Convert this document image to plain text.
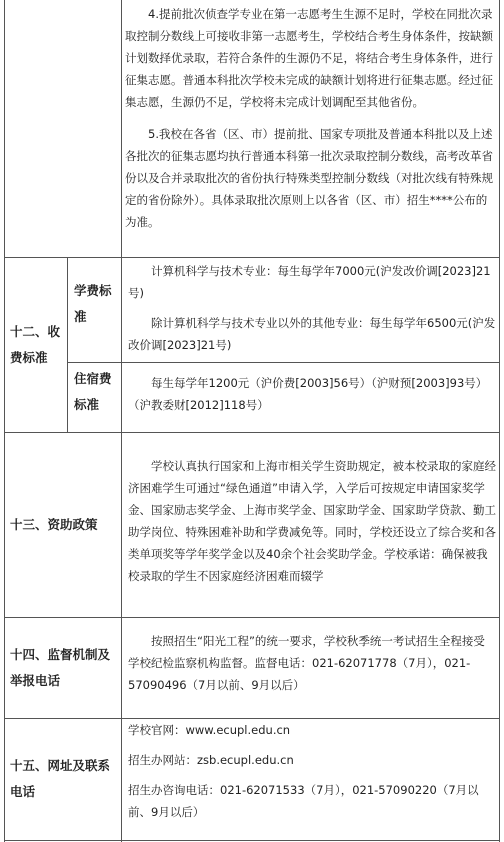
4.提前批次侦查学专业在第一志愿考生生源不足时，学校在同批次录取控制分数线上可接收非第一志愿考生，学校结合考生身体条件，按缺额计划数择优录取，若符合条件的生源仍不足，将结合考生身体条件，进行征集志愿。普通本科批次学校未完成的缺额计划将进行征集志愿。经过征集志愿，生源仍不足，学校将未完成计划调配至其他省份。

5.我校在各省（区、市）提前批、国家专项批及普通本科批以及上述各批次的征集志愿均执行普通本科第一批次录取控制分数线，高考改革省份以及合并录取批次的省份执行特殊类型控制分数线（对批次线有特殊规定的省份除外）。具体录取批次原则上以各省（区、市）招生****公布的为准。

十二、收费标准
学费标准

计算机科学与技术专业：每生每学年7000元(沪发改价调[2023]21号)

除计算机科学与技术专业以外的其他专业：每生每学年6500元(沪发改价调[2023]21号)

住宿费标准

每生每学年1200元（沪价费[2003]56号）（沪财预[2003]93号）（沪教委财[2012]118号）

十三、资助政策

学校认真执行国家和上海市相关学生资助规定，被本校录取的家庭经济困难学生可通过“绿色通道”申请入学，入学后可按规定申请国家奖学金、国家励志奖学金、上海市奖学金、国家助学金、国家助学贷款、勤工助学岗位、特殊困难补助和学费减免等。同时，学校还设立了综合奖和各类单项奖等学年奖学金以及40余个社会奖助学金。学校承诺：确保被我校录取的学生不因家庭经济困难而辍学

十四、监督机制及举报电话

按照招生“阳光工程”的统一要求，学校秋季统一考试招生全程接受学校纪检监察机构监督。监督电话：021-62071778（7月），021-57090496（7月以前、9月以后）

十五、网址及联系电话

学校官网：www.ecupl.edu.cn

招生办网站：zsb.ecupl.edu.cn

招生办咨询电话：021-62071533（7月），021-57090220（7月以前、9月以后）
